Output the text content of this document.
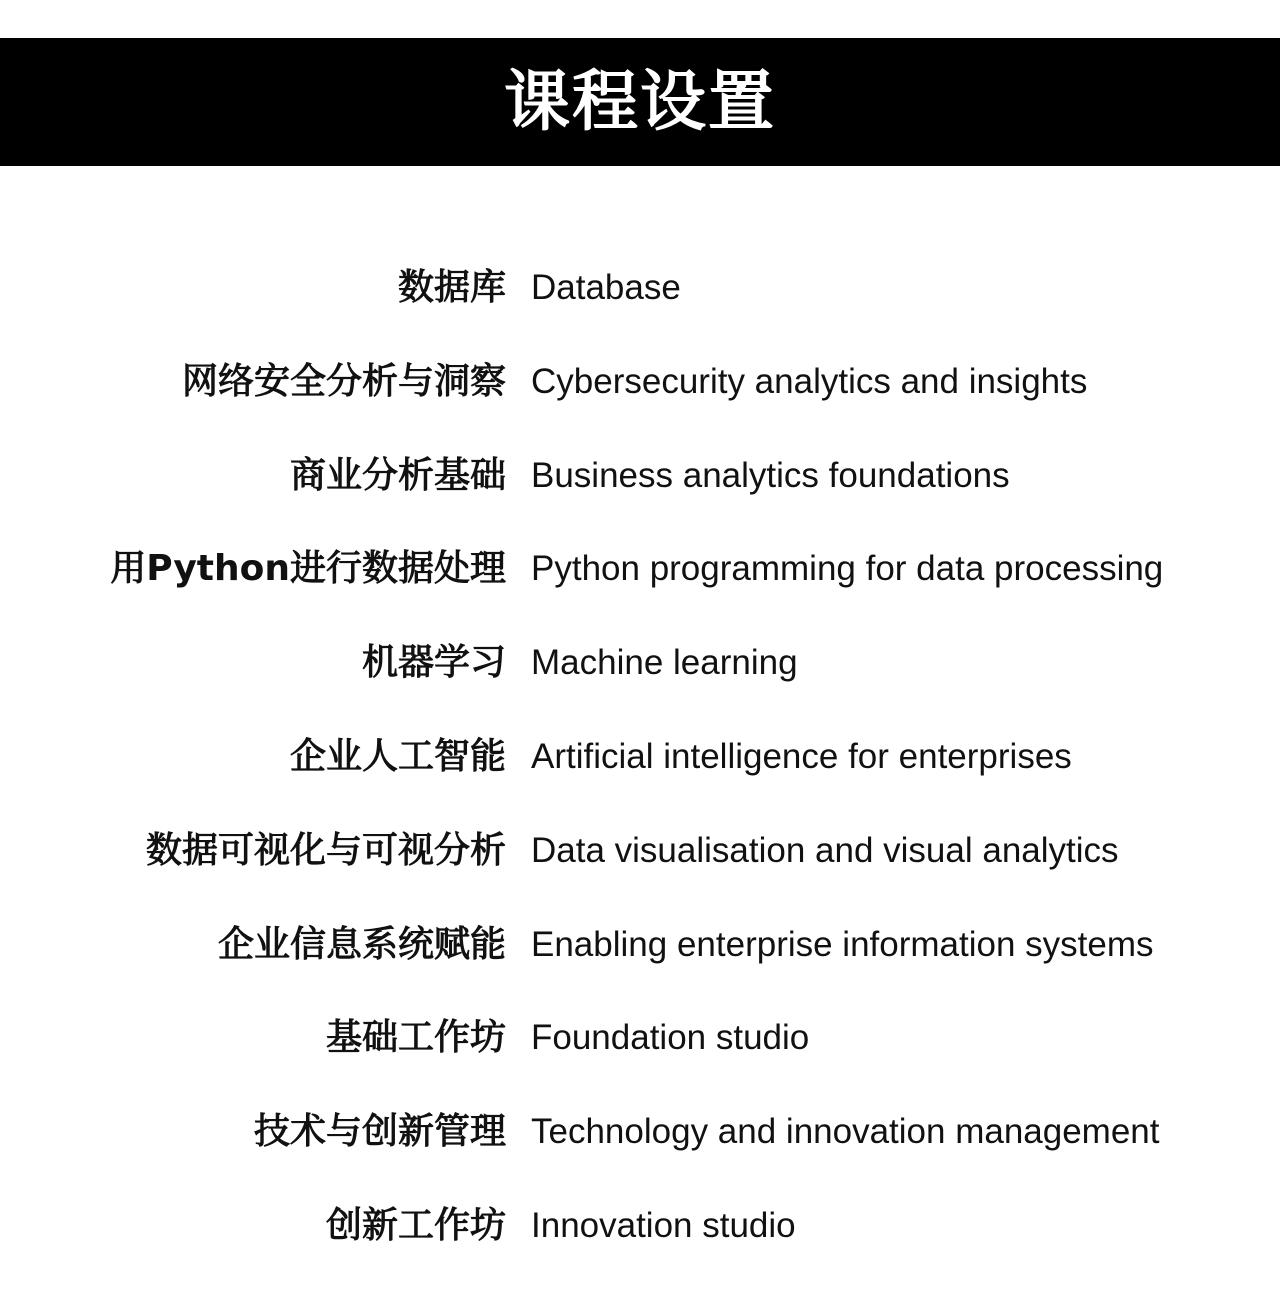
课程设置
数据库 Database
网络安全分析与洞察 Cybersecurity analytics and insights
商业分析基础 Business analytics foundations
用Python进行数据处理 Python programming for data processing
机器学习 Machine learning
企业人工智能 Artificial intelligence for enterprises
数据可视化与可视分析 Data visualisation and visual analytics
企业信息系统赋能 Enabling enterprise information systems
基础工作坊 Foundation studio
技术与创新管理 Technology and innovation management
创新工作坊 Innovation studio
